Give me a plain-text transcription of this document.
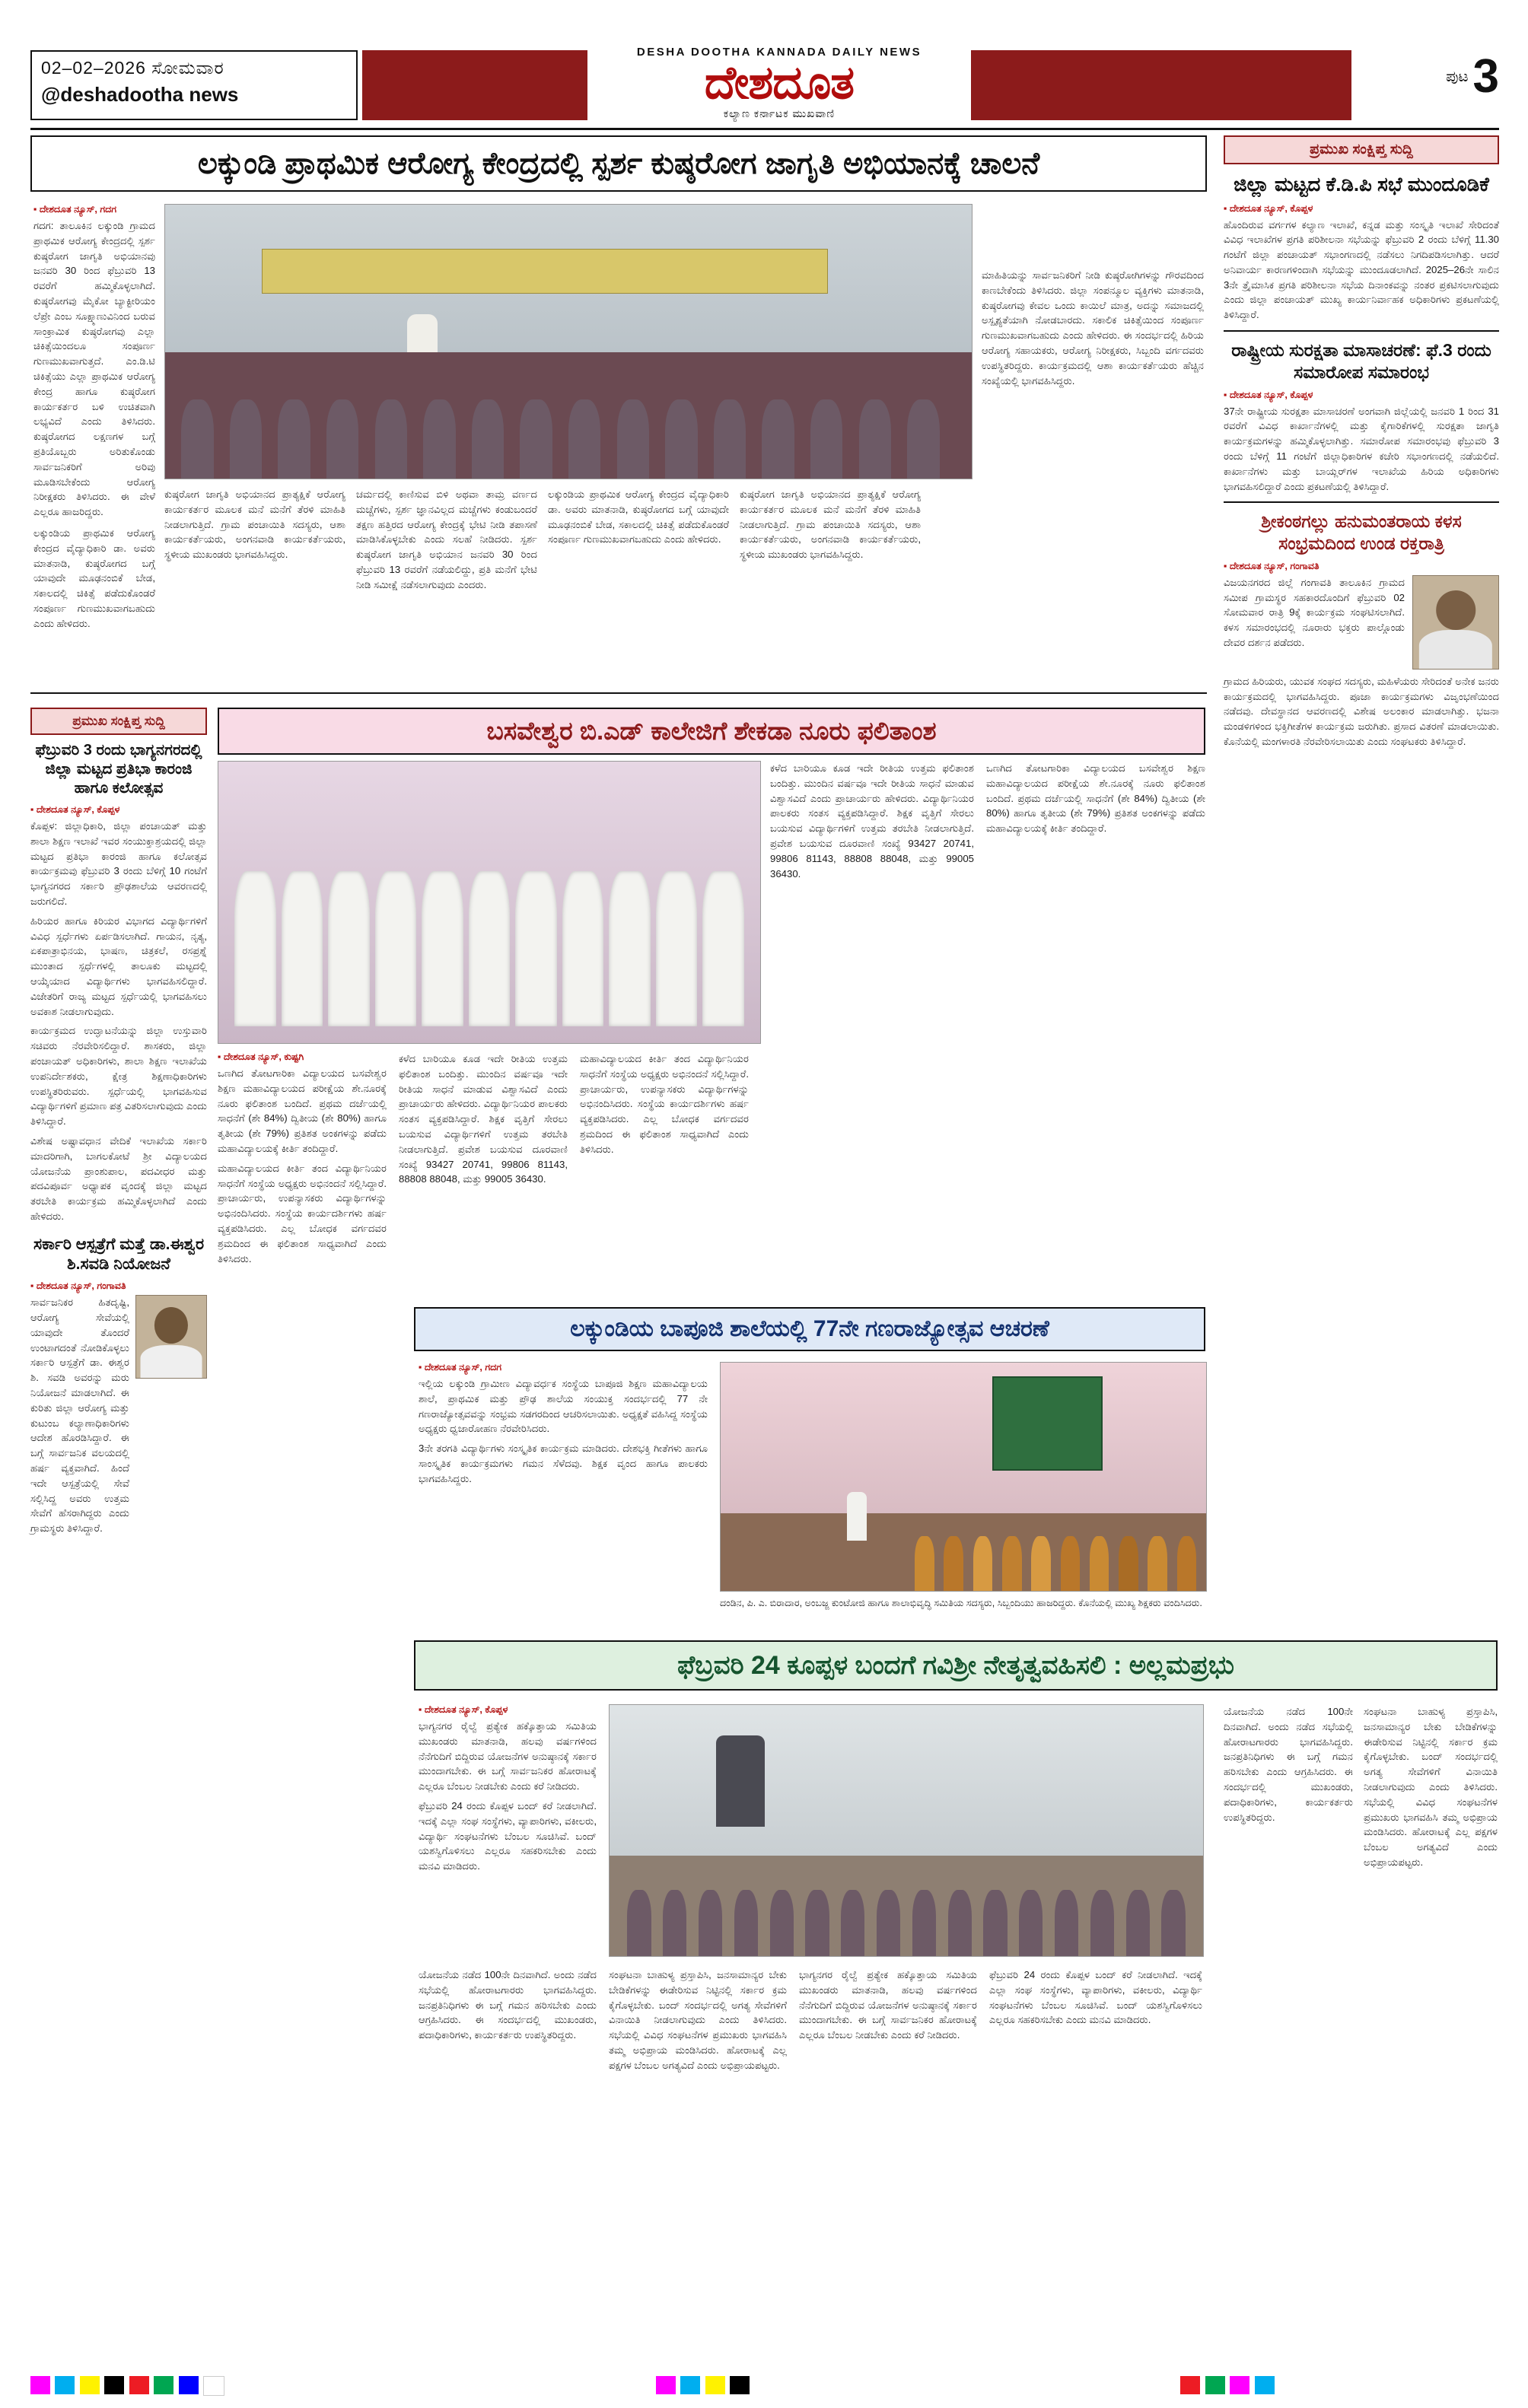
02–02–2026 ಸೋಮವಾರ
@deshadootha news
DESHA DOOTHA KANNADA DAILY NEWS
ದೇಶದೂತ
ಕಲ್ಯಾಣ ಕರ್ನಾಟಕ ಮುಖವಾಣಿ
ಪುಟ3
ಲಕ್ಕುಂಡಿ ಪ್ರಾಥಮಿಕ ಆರೋಗ್ಯ ಕೇಂದ್ರದಲ್ಲಿ ಸ್ಪರ್ಶ ಕುಷ್ಠರೋಗ ಜಾಗೃತಿ ಅಭಿಯಾನಕ್ಕೆ ಚಾಲನೆ
▪ ದೇಶದೂತ ನ್ಯೂಸ್, ಗದಗ
ಗದಗ: ತಾಲೂಕಿನ ಲಕ್ಕುಂಡಿ ಗ್ರಾಮದ ಪ್ರಾಥಮಿಕ ಆರೋಗ್ಯ ಕೇಂದ್ರದಲ್ಲಿ ಸ್ಪರ್ಶ ಕುಷ್ಠರೋಗ ಜಾಗೃತಿ ಅಭಿಯಾನವು ಜನವರಿ 30 ರಿಂದ ಫೆಬ್ರುವರಿ 13 ರವರೆಗೆ ಹಮ್ಮಿಕೊಳ್ಳಲಾಗಿದೆ. ಕುಷ್ಠರೋಗವು ಮೈಕೋ ಬ್ಯಾಕ್ಟೀರಿಯಂ ಲೆಪ್ರೇ ಎಂಬ ಸೂಕ್ಷ್ಮಾಣುವಿನಿಂದ ಬರುವ ಸಾಂಕ್ರಾಮಿಕ ಕುಷ್ಠರೋಗವು ಎಲ್ಲಾ ಚಿಕಿತ್ಸೆಯಿಂದಲೂ ಸಂಪೂರ್ಣ ಗುಣಮುಖವಾಗುತ್ತದೆ. ಎಂ.ಡಿ.ಟಿ ಚಿಕಿತ್ಸೆಯು ಎಲ್ಲಾ ಪ್ರಾಥಮಿಕ ಆರೋಗ್ಯ ಕೇಂದ್ರ ಹಾಗೂ ಕುಷ್ಠರೋಗ ಕಾರ್ಯಕರ್ತರ ಬಳಿ ಉಚಿತವಾಗಿ ಲಭ್ಯವಿದೆ ಎಂದು ತಿಳಿಸಿದರು. ಕುಷ್ಠರೋಗದ ಲಕ್ಷಣಗಳ ಬಗ್ಗೆ ಪ್ರತಿಯೊಬ್ಬರು ಅರಿತುಕೊಂಡು ಸಾರ್ವಜನಿಕರಿಗೆ ಅರಿವು ಮೂಡಿಸಬೇಕೆಂದು ಆರೋಗ್ಯ ನಿರೀಕ್ಷಕರು ತಿಳಿಸಿದರು. ಈ ವೇಳೆ ಎಲ್ಲರೂ ಹಾಜರಿದ್ದರು.
ಲಕ್ಕುಂಡಿಯ ಪ್ರಾಥಮಿಕ ಆರೋಗ್ಯ ಕೇಂದ್ರದ ವೈದ್ಯಾಧಿಕಾರಿ ಡಾ. ಅವರು ಮಾತನಾಡಿ, ಕುಷ್ಠರೋಗದ ಬಗ್ಗೆ ಯಾವುದೇ ಮೂಢನಂಬಿಕೆ ಬೇಡ, ಸಕಾಲದಲ್ಲಿ ಚಿಕಿತ್ಸೆ ಪಡೆದುಕೊಂಡರೆ ಸಂಪೂರ್ಣ ಗುಣಮುಖವಾಗಬಹುದು ಎಂದು ಹೇಳಿದರು.
ಕುಷ್ಠರೋಗ ಜಾಗೃತಿ ಅಭಿಯಾನದ ಪ್ರಾತ್ಯಕ್ಷಿಕೆ ಆರೋಗ್ಯ ಕಾರ್ಯಕರ್ತರ ಮೂಲಕ ಮನೆ ಮನೆಗೆ ತೆರಳಿ ಮಾಹಿತಿ ನೀಡಲಾಗುತ್ತಿದೆ. ಗ್ರಾಮ ಪಂಚಾಯಿತಿ ಸದಸ್ಯರು, ಆಶಾ ಕಾರ್ಯಕರ್ತೆಯರು, ಅಂಗನವಾಡಿ ಕಾರ್ಯಕರ್ತೆಯರು, ಸ್ಥಳೀಯ ಮುಖಂಡರು ಭಾಗವಹಿಸಿದ್ದರು.
ಚರ್ಮದಲ್ಲಿ ಕಾಣಿಸುವ ಬಿಳಿ ಅಥವಾ ತಾಮ್ರ ವರ್ಣದ ಮಚ್ಚೆಗಳು, ಸ್ಪರ್ಶ ಜ್ಞಾನವಿಲ್ಲದ ಮಚ್ಚೆಗಳು ಕಂಡುಬಂದರೆ ತಕ್ಷಣ ಹತ್ತಿರದ ಆರೋಗ್ಯ ಕೇಂದ್ರಕ್ಕೆ ಭೇಟಿ ನೀಡಿ ತಪಾಸಣೆ ಮಾಡಿಸಿಕೊಳ್ಳಬೇಕು ಎಂದು ಸಲಹೆ ನೀಡಿದರು. ಸ್ಪರ್ಶ ಕುಷ್ಠರೋಗ ಜಾಗೃತಿ ಅಭಿಯಾನ ಜನವರಿ 30 ರಿಂದ ಫೆಬ್ರುವರಿ 13 ರವರೆಗೆ ನಡೆಯಲಿದ್ದು, ಪ್ರತಿ ಮನೆಗೆ ಭೇಟಿ ನೀಡಿ ಸಮೀಕ್ಷೆ ನಡೆಸಲಾಗುವುದು ಎಂದರು.
ಲಕ್ಕುಂಡಿಯ ಪ್ರಾಥಮಿಕ ಆರೋಗ್ಯ ಕೇಂದ್ರದ ವೈದ್ಯಾಧಿಕಾರಿ ಡಾ. ಅವರು ಮಾತನಾಡಿ, ಕುಷ್ಠರೋಗದ ಬಗ್ಗೆ ಯಾವುದೇ ಮೂಢನಂಬಿಕೆ ಬೇಡ, ಸಕಾಲದಲ್ಲಿ ಚಿಕಿತ್ಸೆ ಪಡೆದುಕೊಂಡರೆ ಸಂಪೂರ್ಣ ಗುಣಮುಖವಾಗಬಹುದು ಎಂದು ಹೇಳಿದರು.
ಕುಷ್ಠರೋಗ ಜಾಗೃತಿ ಅಭಿಯಾನದ ಪ್ರಾತ್ಯಕ್ಷಿಕೆ ಆರೋಗ್ಯ ಕಾರ್ಯಕರ್ತರ ಮೂಲಕ ಮನೆ ಮನೆಗೆ ತೆರಳಿ ಮಾಹಿತಿ ನೀಡಲಾಗುತ್ತಿದೆ. ಗ್ರಾಮ ಪಂಚಾಯಿತಿ ಸದಸ್ಯರು, ಆಶಾ ಕಾರ್ಯಕರ್ತೆಯರು, ಅಂಗನವಾಡಿ ಕಾರ್ಯಕರ್ತೆಯರು, ಸ್ಥಳೀಯ ಮುಖಂಡರು ಭಾಗವಹಿಸಿದ್ದರು.
ಮಾಹಿತಿಯನ್ನು ಸಾರ್ವಜನಿಕರಿಗೆ ನೀಡಿ ಕುಷ್ಠರೋಗಿಗಳನ್ನು ಗೌರವದಿಂದ ಕಾಣಬೇಕೆಂದು ತಿಳಿಸಿದರು. ಜಿಲ್ಲಾ ಸಂಪನ್ಮೂಲ ವ್ಯಕ್ತಿಗಳು ಮಾತನಾಡಿ, ಕುಷ್ಠರೋಗವು ಕೇವಲ ಒಂದು ಕಾಯಿಲೆ ಮಾತ್ರ, ಅದನ್ನು ಸಮಾಜದಲ್ಲಿ ಅಸ್ಪೃಶ್ಯತೆಯಾಗಿ ನೋಡಬಾರದು. ಸಕಾಲಿಕ ಚಿಕಿತ್ಸೆಯಿಂದ ಸಂಪೂರ್ಣ ಗುಣಮುಖವಾಗಬಹುದು ಎಂದು ಹೇಳಿದರು. ಈ ಸಂದರ್ಭದಲ್ಲಿ ಹಿರಿಯ ಆರೋಗ್ಯ ಸಹಾಯಕರು, ಆರೋಗ್ಯ ನಿರೀಕ್ಷಕರು, ಸಿಬ್ಬಂದಿ ವರ್ಗದವರು ಉಪಸ್ಥಿತರಿದ್ದರು. ಕಾರ್ಯಕ್ರಮದಲ್ಲಿ ಆಶಾ ಕಾರ್ಯಕರ್ತೆಯರು ಹೆಚ್ಚಿನ ಸಂಖ್ಯೆಯಲ್ಲಿ ಭಾಗವಹಿಸಿದ್ದರು.
ಪ್ರಮುಖ ಸಂಕ್ಷಿಪ್ತ ಸುದ್ದಿ
ಜಿಲ್ಲಾ ಮಟ್ಟದ ಕೆ.ಡಿ.ಪಿ ಸಭೆ ಮುಂದೂಡಿಕೆ
▪ ದೇಶದೂತ ನ್ಯೂಸ್, ಕೊಪ್ಪಳ
ಹೊಂದಿರುವ ವರ್ಗಗಳ ಕಲ್ಯಾಣ ಇಲಾಖೆ, ಕನ್ನಡ ಮತ್ತು ಸಂಸ್ಕೃತಿ ಇಲಾಖೆ ಸೇರಿದಂತೆ ವಿವಿಧ ಇಲಾಖೆಗಳ ಪ್ರಗತಿ ಪರಿಶೀಲನಾ ಸಭೆಯನ್ನು ಫೆಬ್ರುವರಿ 2 ರಂದು ಬೆಳಿಗ್ಗೆ 11.30 ಗಂಟೆಗೆ ಜಿಲ್ಲಾ ಪಂಚಾಯತ್ ಸಭಾಂಗಣದಲ್ಲಿ ನಡೆಸಲು ನಿಗದಿಪಡಿಸಲಾಗಿತ್ತು. ಆದರೆ ಅನಿವಾರ್ಯ ಕಾರಣಗಳಿಂದಾಗಿ ಸಭೆಯನ್ನು ಮುಂದೂಡಲಾಗಿದೆ. 2025–26ನೇ ಸಾಲಿನ 3ನೇ ತ್ರೈಮಾಸಿಕ ಪ್ರಗತಿ ಪರಿಶೀಲನಾ ಸಭೆಯ ದಿನಾಂಕವನ್ನು ನಂತರ ಪ್ರಕಟಿಸಲಾಗುವುದು ಎಂದು ಜಿಲ್ಲಾ ಪಂಚಾಯತ್ ಮುಖ್ಯ ಕಾರ್ಯನಿರ್ವಾಹಕ ಅಧಿಕಾರಿಗಳು ಪ್ರಕಟಣೆಯಲ್ಲಿ ತಿಳಿಸಿದ್ದಾರೆ.
ರಾಷ್ಟ್ರೀಯ ಸುರಕ್ಷತಾ ಮಾಸಾಚರಣೆ: ಫೆ.3 ರಂದು ಸಮಾರೋಪ ಸಮಾರಂಭ
▪ ದೇಶದೂತ ನ್ಯೂಸ್, ಕೊಪ್ಪಳ
37ನೇ ರಾಷ್ಟ್ರೀಯ ಸುರಕ್ಷತಾ ಮಾಸಾಚರಣೆ ಅಂಗವಾಗಿ ಜಿಲ್ಲೆಯಲ್ಲಿ ಜನವರಿ 1 ರಿಂದ 31 ರವರೆಗೆ ವಿವಿಧ ಕಾರ್ಖಾನೆಗಳಲ್ಲಿ ಮತ್ತು ಕೈಗಾರಿಕೆಗಳಲ್ಲಿ ಸುರಕ್ಷತಾ ಜಾಗೃತಿ ಕಾರ್ಯಕ್ರಮಗಳನ್ನು ಹಮ್ಮಿಕೊಳ್ಳಲಾಗಿತ್ತು. ಸಮಾರೋಪ ಸಮಾರಂಭವು ಫೆಬ್ರುವರಿ 3 ರಂದು ಬೆಳಿಗ್ಗೆ 11 ಗಂಟೆಗೆ ಜಿಲ್ಲಾಧಿಕಾರಿಗಳ ಕಚೇರಿ ಸಭಾಂಗಣದಲ್ಲಿ ನಡೆಯಲಿದೆ. ಕಾರ್ಖಾನೆಗಳು ಮತ್ತು ಬಾಯ್ಲರ್‌ಗಳ ಇಲಾಖೆಯ ಹಿರಿಯ ಅಧಿಕಾರಿಗಳು ಭಾಗವಹಿಸಲಿದ್ದಾರೆ ಎಂದು ಪ್ರಕಟಣೆಯಲ್ಲಿ ತಿಳಿಸಿದ್ದಾರೆ.
ಶ್ರೀಕಂಠಗಲ್ಲು ಹನುಮಂತರಾಯ ಕಳಸ ಸಂಭ್ರಮದಿಂದ ಉಂಡ ರಕ್ತರಾತ್ರಿ
▪ ದೇಶದೂತ ನ್ಯೂಸ್, ಗಂಗಾವತಿ
ವಿಜಯನಗರದ ಜಿಲ್ಲೆ ಗಂಗಾವತಿ ತಾಲೂಕಿನ ಗ್ರಾಮದ ಸಮೀಪ ಗ್ರಾಮಸ್ಥರ ಸಹಕಾರದೊಂದಿಗೆ ಫೆಬ್ರುವರಿ 02 ಸೋಮವಾರ ರಾತ್ರಿ 9ಕ್ಕೆ ಕಾರ್ಯಕ್ರಮ ಸಂಘಟಿಸಲಾಗಿದೆ. ಕಳಸ ಸಮಾರಂಭದಲ್ಲಿ ನೂರಾರು ಭಕ್ತರು ಪಾಲ್ಗೊಂಡು ದೇವರ ದರ್ಶನ ಪಡೆದರು.
ಗ್ರಾಮದ ಹಿರಿಯರು, ಯುವಕ ಸಂಘದ ಸದಸ್ಯರು, ಮಹಿಳೆಯರು ಸೇರಿದಂತೆ ಅನೇಕ ಜನರು ಕಾರ್ಯಕ್ರಮದಲ್ಲಿ ಭಾಗವಹಿಸಿದ್ದರು. ಪೂಜಾ ಕಾರ್ಯಕ್ರಮಗಳು ವಿಜೃಂಭಣೆಯಿಂದ ನಡೆದವು. ದೇವಸ್ಥಾನದ ಆವರಣದಲ್ಲಿ ವಿಶೇಷ ಅಲಂಕಾರ ಮಾಡಲಾಗಿತ್ತು. ಭಜನಾ ಮಂಡಳಿಗಳಿಂದ ಭಕ್ತಿಗೀತೆಗಳ ಕಾರ್ಯಕ್ರಮ ಜರುಗಿತು. ಪ್ರಸಾದ ವಿತರಣೆ ಮಾಡಲಾಯಿತು. ಕೊನೆಯಲ್ಲಿ ಮಂಗಳಾರತಿ ನೆರವೇರಿಸಲಾಯಿತು ಎಂದು ಸಂಘಟಕರು ತಿಳಿಸಿದ್ದಾರೆ.
ಪ್ರಮುಖ ಸಂಕ್ಷಿಪ್ತ ಸುದ್ದಿ
ಫೆಬ್ರುವರಿ 3 ರಂದು ಭಾಗ್ಯನಗರದಲ್ಲಿ ಜಿಲ್ಲಾ ಮಟ್ಟದ ಪ್ರತಿಭಾ ಕಾರಂಜಿ ಹಾಗೂ ಕಲೋತ್ಸವ
▪ ದೇಶದೂತ ನ್ಯೂಸ್, ಕೊಪ್ಪಳ
ಕೊಪ್ಪಳ: ಜಿಲ್ಲಾಧಿಕಾರಿ, ಜಿಲ್ಲಾ ಪಂಚಾಯತ್ ಮತ್ತು ಶಾಲಾ ಶಿಕ್ಷಣ ಇಲಾಖೆ ಇವರ ಸಂಯುಕ್ತಾಶ್ರಯದಲ್ಲಿ ಜಿಲ್ಲಾ ಮಟ್ಟದ ಪ್ರತಿಭಾ ಕಾರಂಜಿ ಹಾಗೂ ಕಲೋತ್ಸವ ಕಾರ್ಯಕ್ರಮವು ಫೆಬ್ರುವರಿ 3 ರಂದು ಬೆಳಿಗ್ಗೆ 10 ಗಂಟೆಗೆ ಭಾಗ್ಯನಗರದ ಸರ್ಕಾರಿ ಪ್ರೌಢಶಾಲೆಯ ಆವರಣದಲ್ಲಿ ಜರುಗಲಿದೆ.
ಹಿರಿಯರ ಹಾಗೂ ಕಿರಿಯರ ವಿಭಾಗದ ವಿದ್ಯಾರ್ಥಿಗಳಿಗೆ ವಿವಿಧ ಸ್ಪರ್ಧೆಗಳು ಏರ್ಪಡಿಸಲಾಗಿದೆ. ಗಾಯನ, ನೃತ್ಯ, ಏಕಪಾತ್ರಾಭಿನಯ, ಭಾಷಣ, ಚಿತ್ರಕಲೆ, ರಸಪ್ರಶ್ನೆ ಮುಂತಾದ ಸ್ಪರ್ಧೆಗಳಲ್ಲಿ ತಾಲೂಕು ಮಟ್ಟದಲ್ಲಿ ಆಯ್ಕೆಯಾದ ವಿದ್ಯಾರ್ಥಿಗಳು ಭಾಗವಹಿಸಲಿದ್ದಾರೆ. ವಿಜೇತರಿಗೆ ರಾಜ್ಯ ಮಟ್ಟದ ಸ್ಪರ್ಧೆಯಲ್ಲಿ ಭಾಗವಹಿಸಲು ಅವಕಾಶ ನೀಡಲಾಗುವುದು.
ಕಾರ್ಯಕ್ರಮದ ಉದ್ಘಾಟನೆಯನ್ನು ಜಿಲ್ಲಾ ಉಸ್ತುವಾರಿ ಸಚಿವರು ನೆರವೇರಿಸಲಿದ್ದಾರೆ. ಶಾಸಕರು, ಜಿಲ್ಲಾ ಪಂಚಾಯತ್ ಅಧಿಕಾರಿಗಳು, ಶಾಲಾ ಶಿಕ್ಷಣ ಇಲಾಖೆಯ ಉಪನಿರ್ದೇಶಕರು, ಕ್ಷೇತ್ರ ಶಿಕ್ಷಣಾಧಿಕಾರಿಗಳು ಉಪಸ್ಥಿತರಿರುವರು. ಸ್ಪರ್ಧೆಯಲ್ಲಿ ಭಾಗವಹಿಸುವ ವಿದ್ಯಾರ್ಥಿಗಳಿಗೆ ಪ್ರಮಾಣ ಪತ್ರ ವಿತರಿಸಲಾಗುವುದು ಎಂದು ತಿಳಿಸಿದ್ದಾರೆ.
ವಿಶೇಷ ಅಷ್ಟಾವಧಾನ ವೇದಿಕೆ ಇಲಾಖೆಯ ಸರ್ಕಾರಿ ಮಾದರಿಗಾಗಿ, ಬಾಗಲಕೋಟೆ ಶ್ರೀ ವಿದ್ಯಾಲಯದ ಯೋಜನೆಯ ಪ್ರಾಂಶುಪಾಲ, ಪದವೀಧರ ಮತ್ತು ಪದವಿಪೂರ್ವ ಅಧ್ಯಾಪಕ ವೃಂದಕ್ಕೆ ಜಿಲ್ಲಾ ಮಟ್ಟದ ತರಬೇತಿ ಕಾರ್ಯಕ್ರಮ ಹಮ್ಮಿಕೊಳ್ಳಲಾಗಿದೆ ಎಂದು ಹೇಳಿದರು.
ಸರ್ಕಾರಿ ಆಸ್ಪತ್ರೆಗೆ ಮತ್ತೆ ಡಾ.ಈಶ್ವರ ಶಿ.ಸವಡಿ ನಿಯೋಜನೆ
▪ ದೇಶದೂತ ನ್ಯೂಸ್, ಗಂಗಾವತಿ
ಸಾರ್ವಜನಿಕರ ಹಿತದೃಷ್ಟಿ, ಆರೋಗ್ಯ ಸೇವೆಯಲ್ಲಿ ಯಾವುದೇ ತೊಂದರೆ ಉಂಟಾಗದಂತೆ ನೋಡಿಕೊಳ್ಳಲು ಸರ್ಕಾರಿ ಆಸ್ಪತ್ರೆಗೆ ಡಾ. ಈಶ್ವರ ಶಿ. ಸವಡಿ ಅವರನ್ನು ಮರು ನಿಯೋಜನೆ ಮಾಡಲಾಗಿದೆ. ಈ ಕುರಿತು ಜಿಲ್ಲಾ ಆರೋಗ್ಯ ಮತ್ತು ಕುಟುಂಬ ಕಲ್ಯಾಣಾಧಿಕಾರಿಗಳು ಆದೇಶ ಹೊರಡಿಸಿದ್ದಾರೆ. ಈ ಬಗ್ಗೆ ಸಾರ್ವಜನಿಕ ವಲಯದಲ್ಲಿ ಹರ್ಷ ವ್ಯಕ್ತವಾಗಿದೆ. ಹಿಂದೆ ಇದೇ ಆಸ್ಪತ್ರೆಯಲ್ಲಿ ಸೇವೆ ಸಲ್ಲಿಸಿದ್ದ ಅವರು ಉತ್ತಮ ಸೇವೆಗೆ ಹೆಸರಾಗಿದ್ದರು ಎಂದು ಗ್ರಾಮಸ್ಥರು ತಿಳಿಸಿದ್ದಾರೆ.
ಬಸವೇಶ್ವರ ಬಿ.ಎಡ್ ಕಾಲೇಜಿಗೆ ಶೇಕಡಾ ನೂರು ಫಲಿತಾಂಶ
▪ ದೇಶದೂತ ನ್ಯೂಸ್, ಕುಷ್ಟಗಿ
ಒಣಗಿದ ತೋಟಗಾರಿಕಾ ವಿದ್ಯಾಲಯದ ಬಸವೇಶ್ವರ ಶಿಕ್ಷಣ ಮಹಾವಿದ್ಯಾಲಯದ ಪರೀಕ್ಷೆಯ ಶೇ.ನೂರಕ್ಕೆ ನೂರು ಫಲಿತಾಂಶ ಬಂದಿದೆ. ಪ್ರಥಮ ದರ್ಜೆಯಲ್ಲಿ ಸಾಧನೆಗೆ (ಶೇ 84%) ದ್ವಿತೀಯ (ಶೇ 80%) ಹಾಗೂ ತೃತೀಯ (ಶೇ 79%) ಪ್ರತಿಶತ ಅಂಕಗಳನ್ನು ಪಡೆದು ಮಹಾವಿದ್ಯಾಲಯಕ್ಕೆ ಕೀರ್ತಿ ತಂದಿದ್ದಾರೆ.
ಮಹಾವಿದ್ಯಾಲಯದ ಕೀರ್ತಿ ತಂದ ವಿದ್ಯಾರ್ಥಿನಿಯರ ಸಾಧನೆಗೆ ಸಂಸ್ಥೆಯ ಅಧ್ಯಕ್ಷರು ಅಭಿನಂದನೆ ಸಲ್ಲಿಸಿದ್ದಾರೆ. ಪ್ರಾಚಾರ್ಯರು, ಉಪನ್ಯಾಸಕರು ವಿದ್ಯಾರ್ಥಿಗಳನ್ನು ಅಭಿನಂದಿಸಿದರು. ಸಂಸ್ಥೆಯ ಕಾರ್ಯದರ್ಶಿಗಳು ಹರ್ಷ ವ್ಯಕ್ತಪಡಿಸಿದರು. ಎಲ್ಲ ಬೋಧಕ ವರ್ಗದವರ ಶ್ರಮದಿಂದ ಈ ಫಲಿತಾಂಶ ಸಾಧ್ಯವಾಗಿದೆ ಎಂದು ತಿಳಿಸಿದರು.
ಕಳೆದ ಬಾರಿಯೂ ಕೂಡ ಇದೇ ರೀತಿಯ ಉತ್ತಮ ಫಲಿತಾಂಶ ಬಂದಿತ್ತು. ಮುಂದಿನ ವರ್ಷವೂ ಇದೇ ರೀತಿಯ ಸಾಧನೆ ಮಾಡುವ ವಿಶ್ವಾಸವಿದೆ ಎಂದು ಪ್ರಾಚಾರ್ಯರು ಹೇಳಿದರು. ವಿದ್ಯಾರ್ಥಿನಿಯರ ಪಾಲಕರು ಸಂತಸ ವ್ಯಕ್ತಪಡಿಸಿದ್ದಾರೆ. ಶಿಕ್ಷಕ ವೃತ್ತಿಗೆ ಸೇರಲು ಬಯಸುವ ವಿದ್ಯಾರ್ಥಿಗಳಿಗೆ ಉತ್ತಮ ತರಬೇತಿ ನೀಡಲಾಗುತ್ತಿದೆ. ಪ್ರವೇಶ ಬಯಸುವ ದೂರವಾಣಿ ಸಂಖ್ಯೆ 93427 20741, 99806 81143, 88808 88048, ಮತ್ತು 99005 36430.
ಮಹಾವಿದ್ಯಾಲಯದ ಕೀರ್ತಿ ತಂದ ವಿದ್ಯಾರ್ಥಿನಿಯರ ಸಾಧನೆಗೆ ಸಂಸ್ಥೆಯ ಅಧ್ಯಕ್ಷರು ಅಭಿನಂದನೆ ಸಲ್ಲಿಸಿದ್ದಾರೆ. ಪ್ರಾಚಾರ್ಯರು, ಉಪನ್ಯಾಸಕರು ವಿದ್ಯಾರ್ಥಿಗಳನ್ನು ಅಭಿನಂದಿಸಿದರು. ಸಂಸ್ಥೆಯ ಕಾರ್ಯದರ್ಶಿಗಳು ಹರ್ಷ ವ್ಯಕ್ತಪಡಿಸಿದರು. ಎಲ್ಲ ಬೋಧಕ ವರ್ಗದವರ ಶ್ರಮದಿಂದ ಈ ಫಲಿತಾಂಶ ಸಾಧ್ಯವಾಗಿದೆ ಎಂದು ತಿಳಿಸಿದರು.
ಕಳೆದ ಬಾರಿಯೂ ಕೂಡ ಇದೇ ರೀತಿಯ ಉತ್ತಮ ಫಲಿತಾಂಶ ಬಂದಿತ್ತು. ಮುಂದಿನ ವರ್ಷವೂ ಇದೇ ರೀತಿಯ ಸಾಧನೆ ಮಾಡುವ ವಿಶ್ವಾಸವಿದೆ ಎಂದು ಪ್ರಾಚಾರ್ಯರು ಹೇಳಿದರು. ವಿದ್ಯಾರ್ಥಿನಿಯರ ಪಾಲಕರು ಸಂತಸ ವ್ಯಕ್ತಪಡಿಸಿದ್ದಾರೆ. ಶಿಕ್ಷಕ ವೃತ್ತಿಗೆ ಸೇರಲು ಬಯಸುವ ವಿದ್ಯಾರ್ಥಿಗಳಿಗೆ ಉತ್ತಮ ತರಬೇತಿ ನೀಡಲಾಗುತ್ತಿದೆ. ಪ್ರವೇಶ ಬಯಸುವ ದೂರವಾಣಿ ಸಂಖ್ಯೆ 93427 20741, 99806 81143, 88808 88048, ಮತ್ತು 99005 36430.
ಒಣಗಿದ ತೋಟಗಾರಿಕಾ ವಿದ್ಯಾಲಯದ ಬಸವೇಶ್ವರ ಶಿಕ್ಷಣ ಮಹಾವಿದ್ಯಾಲಯದ ಪರೀಕ್ಷೆಯ ಶೇ.ನೂರಕ್ಕೆ ನೂರು ಫಲಿತಾಂಶ ಬಂದಿದೆ. ಪ್ರಥಮ ದರ್ಜೆಯಲ್ಲಿ ಸಾಧನೆಗೆ (ಶೇ 84%) ದ್ವಿತೀಯ (ಶೇ 80%) ಹಾಗೂ ತೃತೀಯ (ಶೇ 79%) ಪ್ರತಿಶತ ಅಂಕಗಳನ್ನು ಪಡೆದು ಮಹಾವಿದ್ಯಾಲಯಕ್ಕೆ ಕೀರ್ತಿ ತಂದಿದ್ದಾರೆ.
ಲಕ್ಕುಂಡಿಯ ಬಾಪೂಜಿ ಶಾಲೆಯಲ್ಲಿ 77ನೇ ಗಣರಾಜ್ಯೋತ್ಸವ ಆಚರಣೆ
▪ ದೇಶದೂತ ನ್ಯೂಸ್, ಗದಗ
ಇಲ್ಲಿಯ ಲಕ್ಕುಂಡಿ ಗ್ರಾಮೀಣ ವಿದ್ಯಾವರ್ಧಕ ಸಂಸ್ಥೆಯ ಬಾಪೂಜಿ ಶಿಕ್ಷಣ ಮಹಾವಿದ್ಯಾಲಯ ಶಾಲೆ, ಪ್ರಾಥಮಿಕ ಮತ್ತು ಪ್ರೌಢ ಶಾಲೆಯ ಸಂಯುಕ್ತ ಸಂದರ್ಭದಲ್ಲಿ 77 ನೇ ಗಣರಾಜ್ಯೋತ್ಸವವನ್ನು ಸಂಭ್ರಮ ಸಡಗರದಿಂದ ಆಚರಿಸಲಾಯಿತು. ಅಧ್ಯಕ್ಷತೆ ವಹಿಸಿದ್ದ ಸಂಸ್ಥೆಯ ಅಧ್ಯಕ್ಷರು ಧ್ವಜಾರೋಹಣ ನೆರವೇರಿಸಿದರು.
3ನೇ ತರಗತಿ ವಿದ್ಯಾರ್ಥಿಗಳು ಸಂಸ್ಕೃತಿಕ ಕಾರ್ಯಕ್ರಮ ಮಾಡಿದರು. ದೇಶಭಕ್ತಿ ಗೀತೆಗಳು ಹಾಗೂ ಸಾಂಸ್ಕೃತಿಕ ಕಾರ್ಯಕ್ರಮಗಳು ಗಮನ ಸೆಳೆದವು. ಶಿಕ್ಷಕ ವೃಂದ ಹಾಗೂ ಪಾಲಕರು ಭಾಗವಹಿಸಿದ್ದರು.
ದಂಡಿನ, ಪಿ. ಎ. ಬಿರಾದಾರ, ಅಂಬಜ್ಜ ಕುಂಟೋಜಿ ಹಾಗೂ ಶಾಲಾಭಿವೃದ್ಧಿ ಸಮಿತಿಯ ಸದಸ್ಯರು, ಸಿಬ್ಬಂದಿಯು ಹಾಜರಿದ್ದರು. ಕೊನೆಯಲ್ಲಿ ಮುಖ್ಯ ಶಿಕ್ಷಕರು ವಂದಿಸಿದರು.
ಫೆಬ್ರವರಿ 24 ಕೂಪ್ಪಳ ಬಂದಗೆ ಗವಿಶ್ರೀ ನೇತೃತ್ವವಹಿಸಲಿ : ಅಲ್ಲಮಪ್ರಭು
▪ ದೇಶದೂತ ನ್ಯೂಸ್, ಕೊಪ್ಪಳ
ಭಾಗ್ಯನಗರ ರೈಲ್ವೆ ಪ್ರತ್ಯೇಕ ಹಕ್ಕೊತ್ತಾಯ ಸಮಿತಿಯ ಮುಖಂಡರು ಮಾತನಾಡಿ, ಹಲವು ವರ್ಷಗಳಿಂದ ನೆನೆಗುದಿಗೆ ಬಿದ್ದಿರುವ ಯೋಜನೆಗಳ ಅನುಷ್ಠಾನಕ್ಕೆ ಸರ್ಕಾರ ಮುಂದಾಗಬೇಕು. ಈ ಬಗ್ಗೆ ಸಾರ್ವಜನಿಕರ ಹೋರಾಟಕ್ಕೆ ಎಲ್ಲರೂ ಬೆಂಬಲ ನೀಡಬೇಕು ಎಂದು ಕರೆ ನೀಡಿದರು.
ಫೆಬ್ರುವರಿ 24 ರಂದು ಕೊಪ್ಪಳ ಬಂದ್ ಕರೆ ನೀಡಲಾಗಿದೆ. ಇದಕ್ಕೆ ಎಲ್ಲಾ ಸಂಘ ಸಂಸ್ಥೆಗಳು, ವ್ಯಾಪಾರಿಗಳು, ವಕೀಲರು, ವಿದ್ಯಾರ್ಥಿ ಸಂಘಟನೆಗಳು ಬೆಂಬಲ ಸೂಚಿಸಿವೆ. ಬಂದ್ ಯಶಸ್ವಿಗೊಳಿಸಲು ಎಲ್ಲರೂ ಸಹಕರಿಸಬೇಕು ಎಂದು ಮನವಿ ಮಾಡಿದರು.
ಯೋಜನೆಯ ನಡೆದ 100ನೇ ದಿನವಾಗಿದೆ. ಅಂದು ನಡೆದ ಸಭೆಯಲ್ಲಿ ಹೋರಾಟಗಾರರು ಭಾಗವಹಿಸಿದ್ದರು. ಜನಪ್ರತಿನಿಧಿಗಳು ಈ ಬಗ್ಗೆ ಗಮನ ಹರಿಸಬೇಕು ಎಂದು ಆಗ್ರಹಿಸಿದರು. ಈ ಸಂದರ್ಭದಲ್ಲಿ ಮುಖಂಡರು, ಪದಾಧಿಕಾರಿಗಳು, ಕಾರ್ಯಕರ್ತರು ಉಪಸ್ಥಿತರಿದ್ದರು.
ಸಂಘಟನಾ ಬಾಹುಳ್ಯ ಪ್ರಸ್ತಾಪಿಸಿ, ಜನಸಾಮಾನ್ಯರ ಬೇಕು ಬೇಡಿಕೆಗಳನ್ನು ಈಡೇರಿಸುವ ನಿಟ್ಟಿನಲ್ಲಿ ಸರ್ಕಾರ ಕ್ರಮ ಕೈಗೊಳ್ಳಬೇಕು. ಬಂದ್ ಸಂದರ್ಭದಲ್ಲಿ ಅಗತ್ಯ ಸೇವೆಗಳಿಗೆ ವಿನಾಯಿತಿ ನೀಡಲಾಗುವುದು ಎಂದು ತಿಳಿಸಿದರು. ಸಭೆಯಲ್ಲಿ ವಿವಿಧ ಸಂಘಟನೆಗಳ ಪ್ರಮುಖರು ಭಾಗವಹಿಸಿ ತಮ್ಮ ಅಭಿಪ್ರಾಯ ಮಂಡಿಸಿದರು. ಹೋರಾಟಕ್ಕೆ ಎಲ್ಲ ಪಕ್ಷಗಳ ಬೆಂಬಲ ಅಗತ್ಯವಿದೆ ಎಂದು ಅಭಿಪ್ರಾಯಪಟ್ಟರು.
ಭಾಗ್ಯನಗರ ರೈಲ್ವೆ ಪ್ರತ್ಯೇಕ ಹಕ್ಕೊತ್ತಾಯ ಸಮಿತಿಯ ಮುಖಂಡರು ಮಾತನಾಡಿ, ಹಲವು ವರ್ಷಗಳಿಂದ ನೆನೆಗುದಿಗೆ ಬಿದ್ದಿರುವ ಯೋಜನೆಗಳ ಅನುಷ್ಠಾನಕ್ಕೆ ಸರ್ಕಾರ ಮುಂದಾಗಬೇಕು. ಈ ಬಗ್ಗೆ ಸಾರ್ವಜನಿಕರ ಹೋರಾಟಕ್ಕೆ ಎಲ್ಲರೂ ಬೆಂಬಲ ನೀಡಬೇಕು ಎಂದು ಕರೆ ನೀಡಿದರು.
ಫೆಬ್ರುವರಿ 24 ರಂದು ಕೊಪ್ಪಳ ಬಂದ್ ಕರೆ ನೀಡಲಾಗಿದೆ. ಇದಕ್ಕೆ ಎಲ್ಲಾ ಸಂಘ ಸಂಸ್ಥೆಗಳು, ವ್ಯಾಪಾರಿಗಳು, ವಕೀಲರು, ವಿದ್ಯಾರ್ಥಿ ಸಂಘಟನೆಗಳು ಬೆಂಬಲ ಸೂಚಿಸಿವೆ. ಬಂದ್ ಯಶಸ್ವಿಗೊಳಿಸಲು ಎಲ್ಲರೂ ಸಹಕರಿಸಬೇಕು ಎಂದು ಮನವಿ ಮಾಡಿದರು.
ಯೋಜನೆಯ ನಡೆದ 100ನೇ ದಿನವಾಗಿದೆ. ಅಂದು ನಡೆದ ಸಭೆಯಲ್ಲಿ ಹೋರಾಟಗಾರರು ಭಾಗವಹಿಸಿದ್ದರು. ಜನಪ್ರತಿನಿಧಿಗಳು ಈ ಬಗ್ಗೆ ಗಮನ ಹರಿಸಬೇಕು ಎಂದು ಆಗ್ರಹಿಸಿದರು. ಈ ಸಂದರ್ಭದಲ್ಲಿ ಮುಖಂಡರು, ಪದಾಧಿಕಾರಿಗಳು, ಕಾರ್ಯಕರ್ತರು ಉಪಸ್ಥಿತರಿದ್ದರು.
ಸಂಘಟನಾ ಬಾಹುಳ್ಯ ಪ್ರಸ್ತಾಪಿಸಿ, ಜನಸಾಮಾನ್ಯರ ಬೇಕು ಬೇಡಿಕೆಗಳನ್ನು ಈಡೇರಿಸುವ ನಿಟ್ಟಿನಲ್ಲಿ ಸರ್ಕಾರ ಕ್ರಮ ಕೈಗೊಳ್ಳಬೇಕು. ಬಂದ್ ಸಂದರ್ಭದಲ್ಲಿ ಅಗತ್ಯ ಸೇವೆಗಳಿಗೆ ವಿನಾಯಿತಿ ನೀಡಲಾಗುವುದು ಎಂದು ತಿಳಿಸಿದರು. ಸಭೆಯಲ್ಲಿ ವಿವಿಧ ಸಂಘಟನೆಗಳ ಪ್ರಮುಖರು ಭಾಗವಹಿಸಿ ತಮ್ಮ ಅಭಿಪ್ರಾಯ ಮಂಡಿಸಿದರು. ಹೋರಾಟಕ್ಕೆ ಎಲ್ಲ ಪಕ್ಷಗಳ ಬೆಂಬಲ ಅಗತ್ಯವಿದೆ ಎಂದು ಅಭಿಪ್ರಾಯಪಟ್ಟರು.
